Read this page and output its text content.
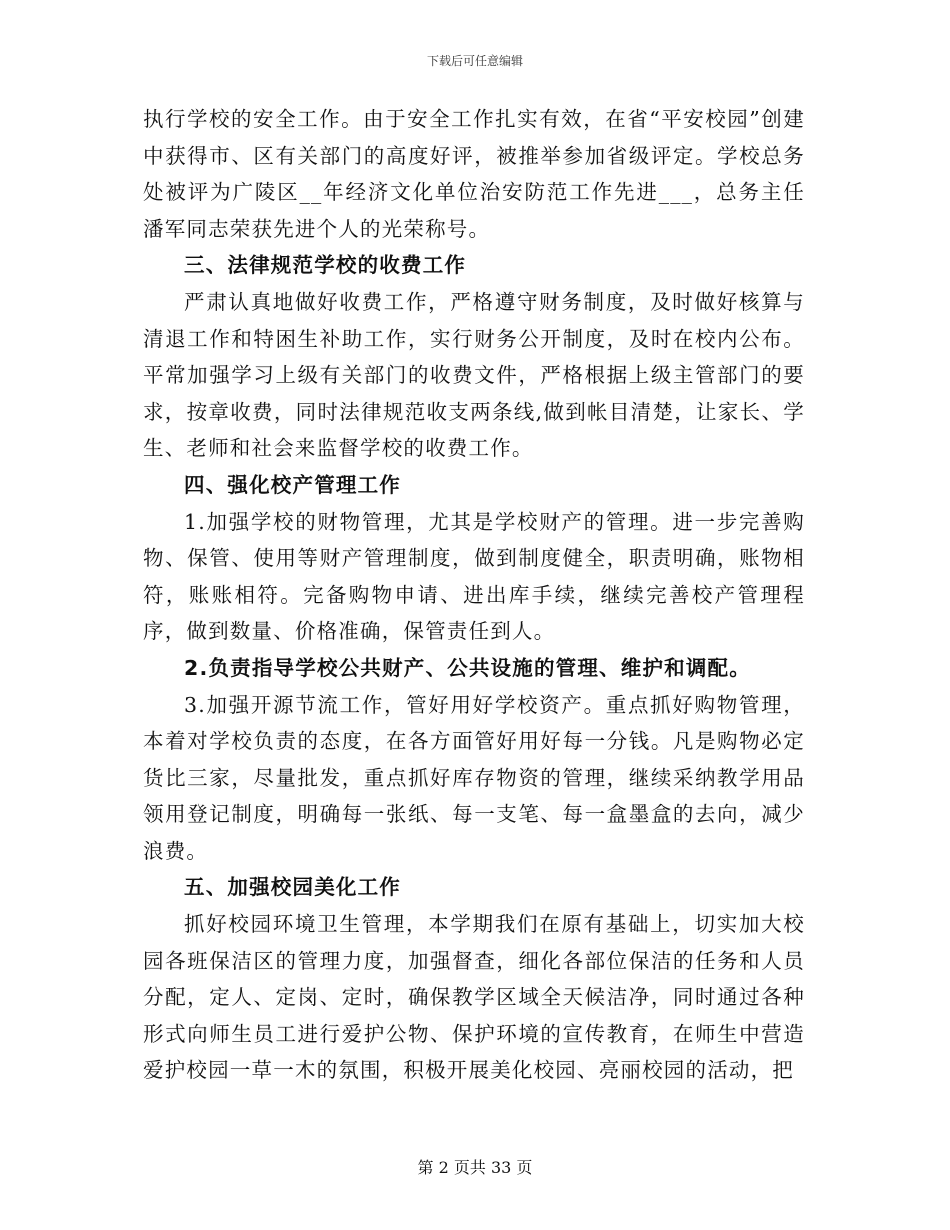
下载后可任意编辑

执行学校的安全工作。由于安全工作扎实有效，在省“平安校园”创建中获得市、区有关部门的高度好评，被推举参加省级评定。学校总务处被评为广陵区__年经济文化单位治安防范工作先进___，总务主任潘军同志荣获先进个人的光荣称号。

三、法律规范学校的收费工作

严肃认真地做好收费工作，严格遵守财务制度，及时做好核算与清退工作和特困生补助工作，实行财务公开制度，及时在校内公布。平常加强学习上级有关部门的收费文件，严格根据上级主管部门的要求，按章收费，同时法律规范收支两条线,做到帐目清楚，让家长、学生、老师和社会来监督学校的收费工作。

四、强化校产管理工作

1.加强学校的财物管理，尤其是学校财产的管理。进一步完善购物、保管、使用等财产管理制度，做到制度健全，职责明确，账物相符，账账相符。完备购物申请、进出库手续，继续完善校产管理程序，做到数量、价格准确，保管责任到人。

2.负责指导学校公共财产、公共设施的管理、维护和调配。

3.加强开源节流工作，管好用好学校资产。重点抓好购物管理，本着对学校负责的态度，在各方面管好用好每一分钱。凡是购物必定货比三家，尽量批发，重点抓好库存物资的管理，继续采纳教学用品领用登记制度，明确每一张纸、每一支笔、每一盒墨盒的去向，减少浪费。

五、加强校园美化工作

抓好校园环境卫生管理，本学期我们在原有基础上，切实加大校园各班保洁区的管理力度，加强督查，细化各部位保洁的任务和人员分配，定人、定岗、定时，确保教学区域全天候洁净，同时通过各种形式向师生员工进行爱护公物、保护环境的宣传教育，在师生中营造爱护校园一草一木的氛围，积极开展美化校园、亮丽校园的活动，把

第 2 页共 33 页
